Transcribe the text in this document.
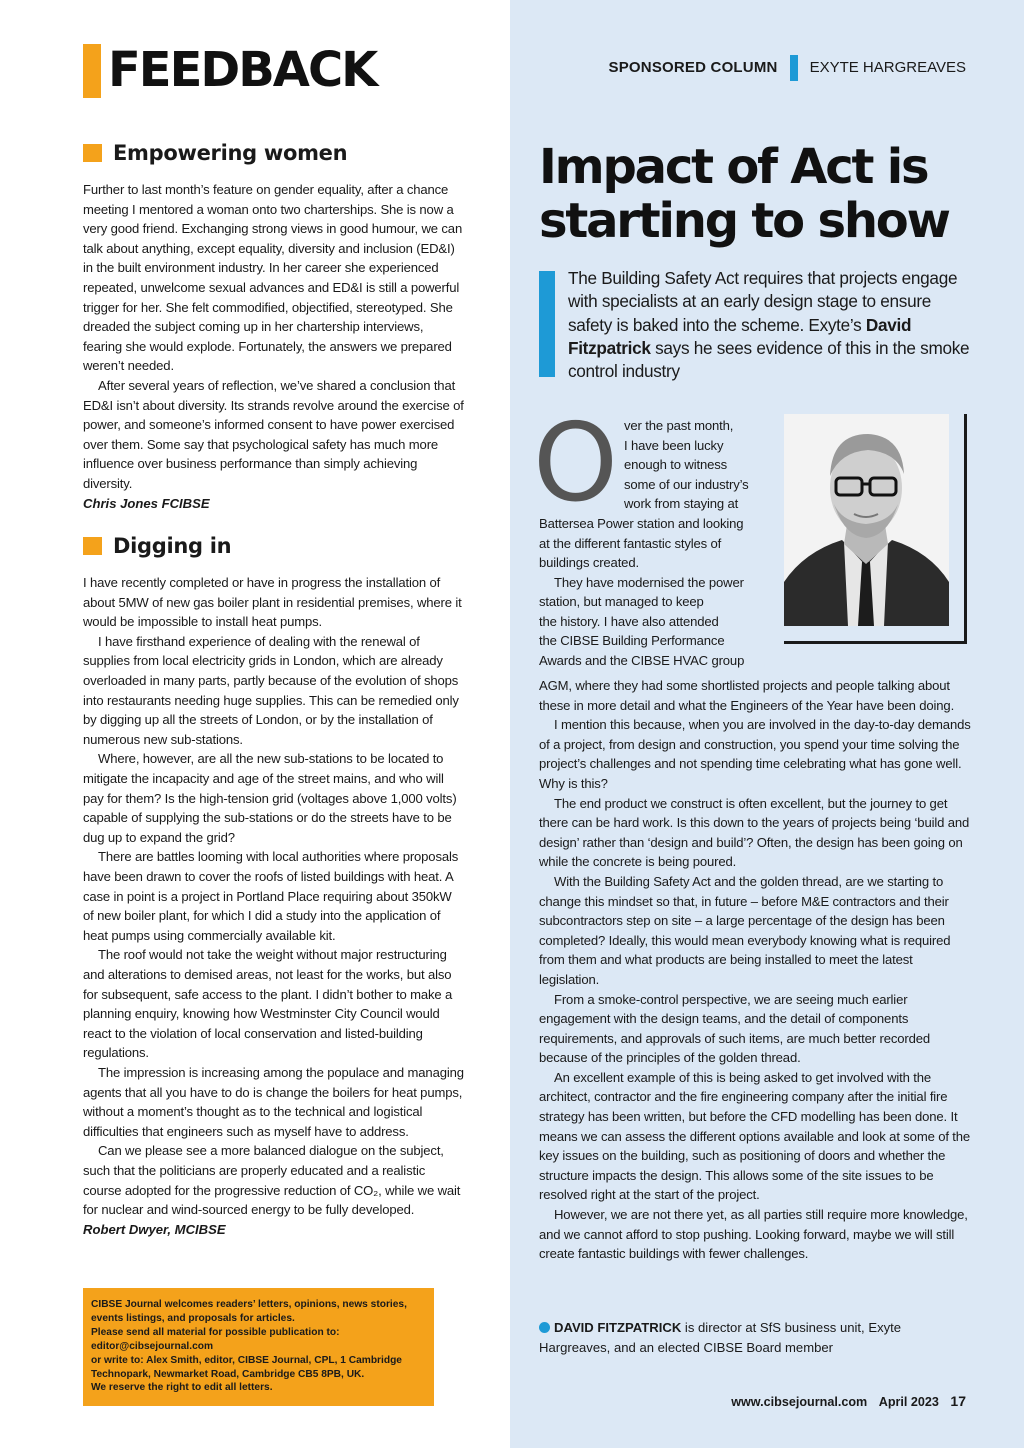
FEEDBACK	SPONSORED COLUMN EXYTE HARGREAVES
Empowering women

Further to last month’s feature on gender equality, after a chance meeting I mentored a woman onto two charterships. She is now a very good friend. Exchanging strong views in good humour, we can talk about anything, except equality, diversity and inclusion (ED&I) in the built environment industry. In her career she experienced repeated, unwelcome sexual advances and ED&I is still a powerful trigger for her. She felt commodified, objectified, stereotyped. She dreaded the subject coming up in her chartership interviews, fearing she would explode. Fortunately, the answers we prepared weren’t needed.

After several years of reflection, we’ve shared a conclusion that ED&I isn’t about diversity. Its strands revolve around the exercise of power, and someone’s informed consent to have power exercised over them. Some say that psychological safety has much more influence over business performance than simply achieving diversity.

Chris Jones FCIBSE

Digging in

I have recently completed or have in progress the installation of about 5MW of new gas boiler plant in residential premises, where it would be impossible to install heat pumps.

I have firsthand experience of dealing with the renewal of supplies from local electricity grids in London, which are already overloaded in many parts, partly because of the evolution of shops into restaurants needing huge supplies. This can be remedied only by digging up all the streets of London, or by the installation of numerous new sub-stations.

Where, however, are all the new sub-stations to be located to mitigate the incapacity and age of the street mains, and who will pay for them? Is the high-tension grid (voltages above 1,000 volts) capable of supplying the sub-stations or do the streets have to be dug up to expand the grid?

There are battles looming with local authorities where proposals have been drawn to cover the roofs of listed buildings with heat. A case in point is a project in Portland Place requiring about 350kW of new boiler plant, for which I did a study into the application of heat pumps using commercially available kit.

The roof would not take the weight without major restructuring and alterations to demised areas, not least for the works, but also for subsequent, safe access to the plant. I didn’t bother to make a planning enquiry, knowing how Westminster City Council would react to the violation of local conservation and listed-building regulations.

The impression is increasing among the populace and managing agents that all you have to do is change the boilers for heat pumps, without a moment’s thought as to the technical and logistical difficulties that engineers such as myself have to address.

Can we please see a more balanced dialogue on the subject, such that the politicians are properly educated and a realistic course adopted for the progressive reduction of CO₂, while we wait for nuclear and wind-sourced energy to be fully developed.

Robert Dwyer, MCIBSE

CIBSE Journal welcomes readers’ letters, opinions, news stories,
events listings, and proposals for articles.
Please send all material for possible publication to:
editor@cibsejournal.com
or write to: Alex Smith, editor, CIBSE Journal, CPL, 1 Cambridge
Technopark, Newmarket Road, Cambridge CB5 8PB, UK.
We reserve the right to edit all letters.
Impact of Act is
starting to show
The Building Safety Act requires that projects engage with specialists at an early design stage to ensure safety is baked into the scheme. Exyte’s David Fitzpatrick says he sees evidence of this in the smoke control industry
O ver the past month,

I have been lucky

enough to witness

some of our industry’s

work from staying at

Battersea Power station and looking

at the different fantastic styles of

buildings created.

They have modernised the power

station, but managed to keep

the history. I have also attended

the CIBSE Building Performance

Awards and the CIBSE HVAC group

AGM, where they had some shortlisted projects and people talking about these in more detail and what the Engineers of the Year have been doing.

I mention this because, when you are involved in the day-to-day demands of a project, from design and construction, you spend your time solving the project’s challenges and not spending time celebrating what has gone well. Why is this?

The end product we construct is often excellent, but the journey to get there can be hard work. Is this down to the years of projects being ‘build and design’ rather than ‘design and build’? Often, the design has been going on while the concrete is being poured.

With the Building Safety Act and the golden thread, are we starting to change this mindset so that, in future – before M&E contractors and their subcontractors step on site – a large percentage of the design has been completed? Ideally, this would mean everybody knowing what is required from them and what products are being installed to meet the latest legislation.

From a smoke-control perspective, we are seeing much earlier engagement with the design teams, and the detail of components requirements, and approvals of such items, are much better recorded because of the principles of the golden thread.

An excellent example of this is being asked to get involved with the architect, contractor and the fire engineering company after the initial fire strategy has been written, but before the CFD modelling has been done. It means we can assess the different options available and look at some of the key issues on the building, such as positioning of doors and whether the structure impacts the design. This allows some of the site issues to be resolved right at the start of the project.

However, we are not there yet, as all parties still require more knowledge, and we cannot afford to stop pushing. Looking forward, maybe we will still create fantastic buildings with fewer challenges.

DAVID FITZPATRICK is director at SfS business unit, Exyte Hargreaves, and an elected CIBSE Board member
www.cibsejournal.com April 2023 17
